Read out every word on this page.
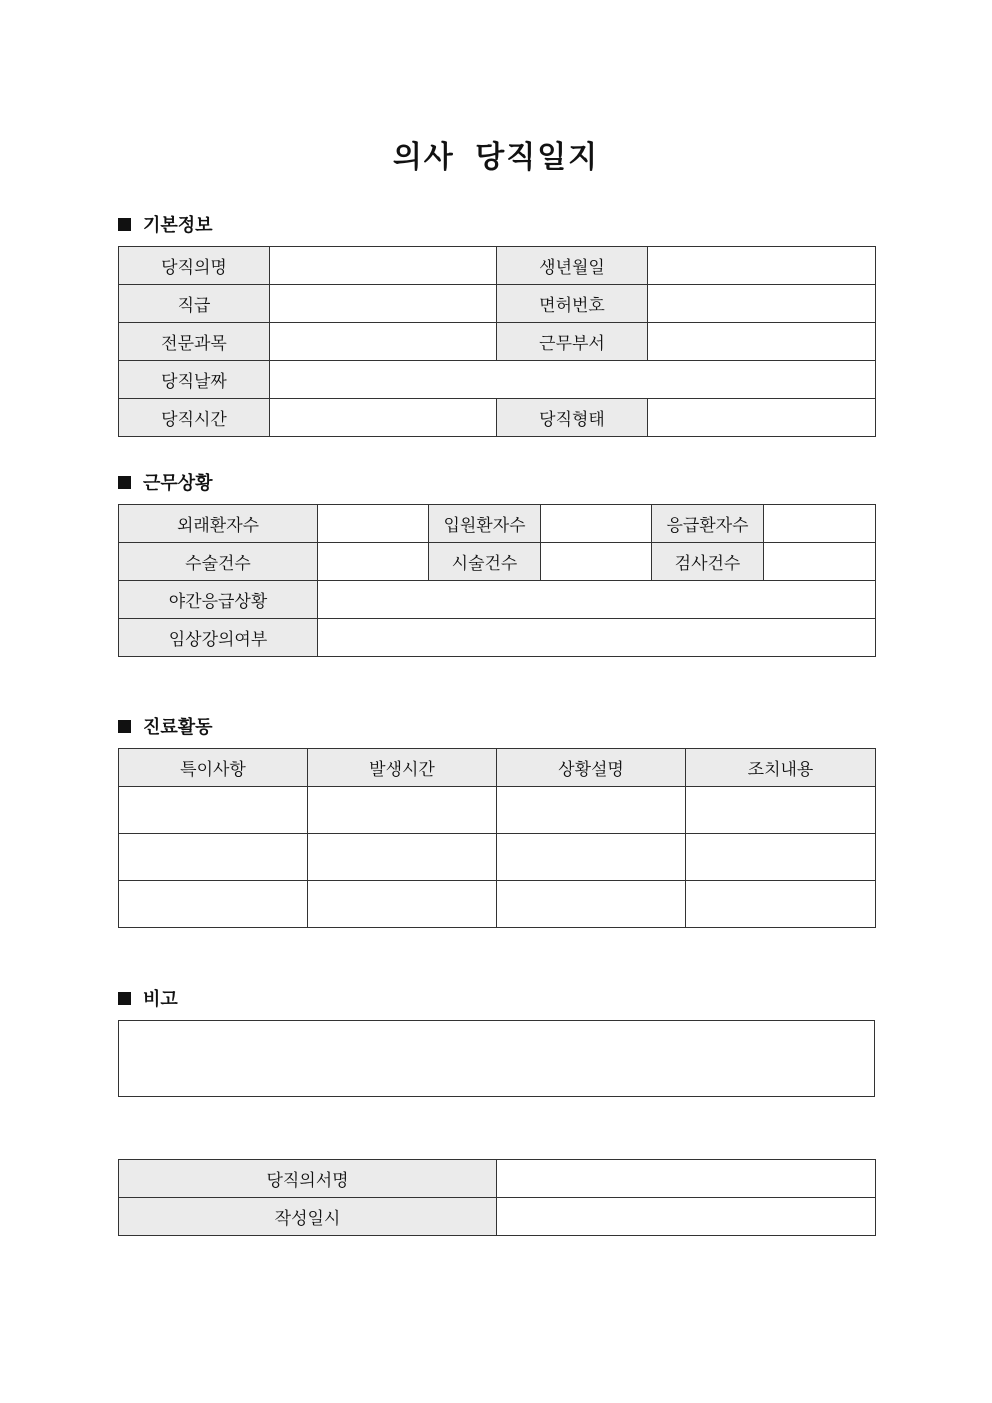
의사 당직일지
기본정보
당직의명		생년월일	
직급		면허번호	
전문과목		근무부서	
당직날짜			
당직시간		당직형태	
근무상황
외래환자수		입원환자수		응급환자수	
수술건수		시술건수		검사건수	
야간응급상황					
임상강의여부					
진료활동
특이사항	발생시간	상황설명	조치내용

비고
당직의서명	
작성일시	
